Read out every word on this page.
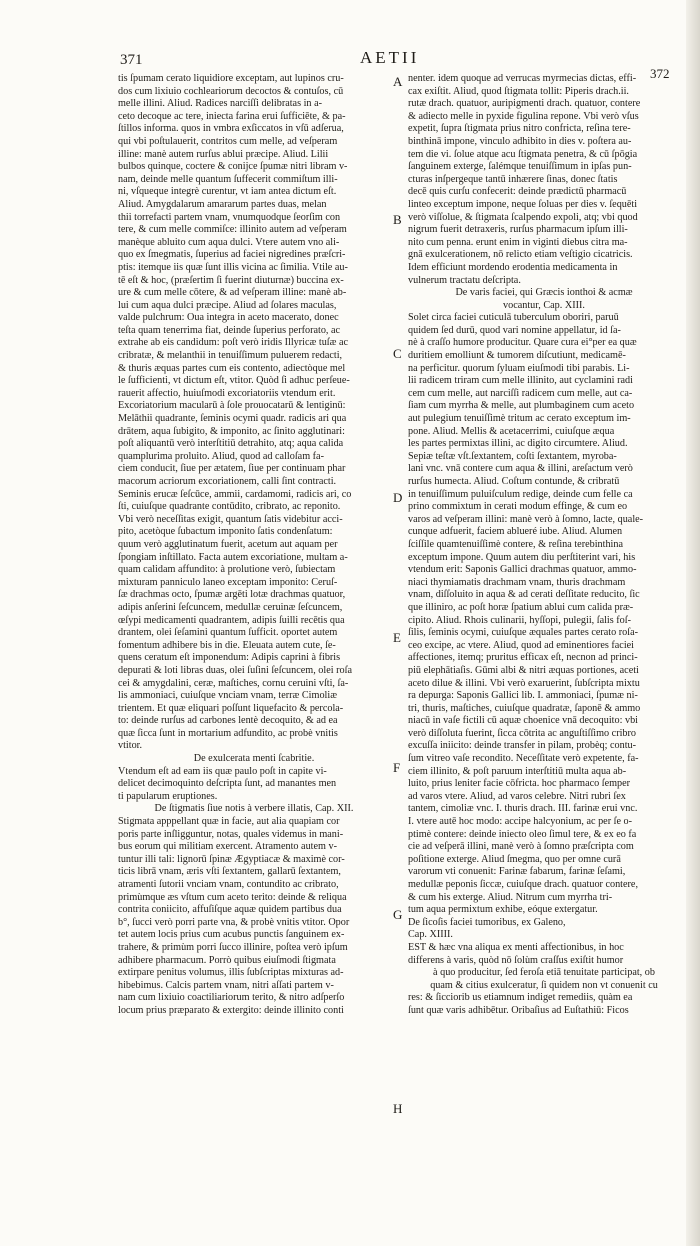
371	AETII
372
A
B
C
D
E
F
G
H
tis ſpumam cerato liquidiore exceptam, aut lupinos cru-
dos cum lixiuio cochleariorum decoctos & contuſos, cū
melle illini. Aliud. Radices narciſſi delibratas in a-
ceto decoque ac tere, iniecta farina erui ſufficiēte, & pa-
ſtillos informa. quos in vmbra exſiccatos in vſū adſerua,
qui vbi poſtulauerit, contritos cum melle, ad veſperam
illine: manè autem rurſus ablui præcipe. Aliud. Lilii
bulbos quinque, coctere & conijce ſpumæ nitri libram v-
nam, deinde melle quantum ſuffecerit commiſtum illi-
ni, vſqueque integrè curentur, vt iam antea dictum eſt.
Aliud. Amygdalarum amararum partes duas, melan
thii torrefacti partem vnam, vnumquodque ſeorſim con
tere, & cum melle commiſce: illinito autem ad veſperam
manèque abluito cum aqua dulci. Vtere autem vno ali-
quo ex ſmegmatis, ſuperius ad faciei nigredines præſcri-
ptis: itemque iis quæ ſunt illis vicina ac ſimilia. Vtile au-
tē eſt & hoc, (præſertim ſi fuerint diuturnæ) buccina ex-
ure & cum melle cōtere, & ad veſperam illine: manè ab-
lui cum aqua dulci præcipe. Aliud ad ſolares maculas,
valde pulchrum: Oua integra in aceto macerato, donec
teſta quam tenerrima fiat, deinde ſuperius perforato, ac
extrahe ab eis candidum: poſt verò iridis Illyricæ tuſæ ac
cribratæ, & melanthii in tenuiſſimum puluerem redacti,
& thuris æquas partes cum eis contento, adiectòque mel
le ſufficienti, vt dictum eſt, vtitor. Quòd ſi adhuc perſeue-
rauerit affectio, huiuſmodi excoriatoriis vtendum erit.
Excoriatorium macularū à ſole prouocatarū & lentiginū:
Melāthii quadrante, ſeminis ocymi quadr. radicis ari qua
drātem, aqua ſubigito, & imponito, ac ſinito agglutinari:
poſt aliquantū verò interſtitiū detrahito, atq; aqua calida
quamplurima proluito. Aliud, quod ad calloſam fa-
ciem conducit, ſiue per ætatem, ſiue per continuam phar
macorum acriorum excoriationem, calli ſint contracti.
Seminis erucæ ſeſcūce, ammii, cardamomi, radicis ari, co
ſti, cuiuſque quadrante contūdito, cribrato, ac reponito.
Vbi verò neceſſitas exigit, quantum ſatis videbitur acci-
pito, acetòque ſubactum imponito ſatis condenſatum:
quum verò agglutinatum fuerit, acetum aut aquam per
ſpongiam inſtillato. Facta autem excoriatione, multam a-
quam calidam affundito: à prolutione verò, ſubiectam
mixturam panniculo laneo exceptam imponito: Ceruſ-
ſæ drachmas octo, ſpumæ argēti lotæ drachmas quatuor,
adipis anſerini ſeſcuncem, medullæ ceruinæ ſeſcuncem,
œſypi medicamenti quadrantem, adipis ſuilli recētis qua
drantem, olei ſeſamini quantum ſufficit. oportet autem
fomentum adhibere bis in die. Eleuata autem cute, ſe-
quens ceratum eſt imponendum: Adipis caprini à fibris
depurati & loti libras duas, olei ſuſini ſeſcuncem, olei roſa
cei & amygdalini, ceræ, maſtiches, cornu ceruini vſti, ſa-
lis ammoniaci, cuiuſque vnciam vnam, terræ Cimoliæ
trientem. Et quæ eliquari poſſunt liquefacito & percola-
to: deinde rurſus ad carbones lentè decoquito, & ad ea
quæ ſicca ſunt in mortarium adfundito, ac probè vnitis
vtitor.
De exulcerata menti ſcabritie.
Vtendum eſt ad eam iis quæ paulo poſt in capite vi-
delicet decimoquinto deſcripta ſunt, ad manantes men
ti papularum eruptiones.
De ſtigmatis ſiue notis à verbere illatis, Cap. XII.
Stigmata apppellant quæ in facie, aut alia quapiam cor
poris parte inſligguntur, notas, quales videmus in mani-
bus eorum qui militiam exercent. Atramento autem v-
tuntur illi tali: lignorū ſpinæ Ægyptiacæ & maximè cor-
ticis librā vnam, æris vſti ſextantem, gallarū ſextantem,
atramenti ſutorii vnciam vnam, contundito ac cribrato,
primùmque æs vſtum cum aceto terito: deinde & reliqua
contrita coniicito, affuſiſque aquæ quidem partibus dua
b°, ſucci verò porri parte vna, & probè vnitis vtitor. Opor
tet autem locis prius cum acubus punctis ſanguinem ex-
trahere, & primùm porri ſucco illinire, poſtea verò ipſum
adhibere pharmacum. Porrò quibus eiuſmodi ſtigmata
extirpare penitus volumus, illis ſubſcriptas mixturas ad-
hibebimus. Calcis partem vnam, nitri aſſati partem v-
nam cum lixiuio coactiliariorum terito, & nitro adſperſo
locum prius præparato & extergito: deinde illinito conti
nenter. idem quoque ad verrucas myrmecias dictas, effi-
cax exiſtit. Aliud, quod ſtigmata tollit: Piperis drach.ii.
rutæ drach. quatuor, auripigmenti drach. quatuor, contere
& adiecto melle in pyxide figulina repone. Vbi verò vſus
expetit, ſupra ſtigmata prius nitro confricta, reſina tere-
binthinā impone, vinculo adhibito in dies v. poſtera au-
tem die vi. ſolue atque acu ſtigmata penetra, & cū ſpōgia
ſanguinem exterge, ſalémque tenuiſſimum in ipſas pun-
cturas inſpergeque tantū inhærere ſinas, donec ſtatis
decē quis curſu confecerit: deinde prædictū pharmacū
linteo exceptum impone, neque ſoluas per dies v. ſequēti
verò viſſolue, & ſtigmata ſcalpendo expoli, atq; vbi quod
nigrum fuerit detraxeris, rurſus pharmacum ipſum illi-
nito cum penna. erunt enim in viginti diebus citra ma-
gnā exulcerationem, nō relicto etiam veſtigio cicatricis.
Idem efficiunt mordendo erodentia medicamenta in
vulnerum tractatu deſcripta.
De varis faciei, qui Græcis ionthoi & acmæ
vocantur, Cap. XIII.
Solet circa faciei cuticulā tuberculum oboriri, paruū
quidem ſed durū, quod vari nomine appellatur, id ſa-
nè à craſſo humore producitur. Quare cura ei°per ea quæ
duritiem emolliunt & tumorem diſcutiunt, medicamē-
na perficitur. quorum ſyluam eiuſmodi tibi parabis. Li-
lii radicem triram cum melle illinito, aut cyclamini radi
cem cum melle, aut narciſſi radicem cum melle, aut ca-
ſiam cum myrrha & melle, aut plumbaginem cum aceto
aut pulegium tenuiſſimè tritum ac cerato exceptum im-
pone. Aliud. Mellis & acetacerrimi, cuiuſque æqua
les partes permixtas illini, ac digito circumtere. Aliud.
Sepiæ teſtæ vſt.ſextantem, coſti ſextantem, myroba-
lani vnc. vnā contere cum aqua & illini, areſactum verò
rurſus humecta. Aliud. Coſtum contunde, & cribratū
in tenuiſſimum puluiſculum redige, deinde cum felle ca
prino commixtum in cerati modum effinge, & cum eo
varos ad veſperam illini: manè verò à ſomno, lacte, quale-
cunque adfuerit, faciem ablueré iube. Aliud. Alumen
ſciſſile quamtenuiſſimè contere, & reſina terebinthina
exceptum impone. Quum autem diu perſtiterint vari, his
vtendum erit: Saponis Gallici drachmas quatuor, ammo-
niaci thymiamatis drachmam vnam, thuris drachmam
vnam, diſſoluito in aqua & ad cerati deſſitate reducito, ſic
que illiniro, ac poſt horæ ſpatium ablui cum calida præ-
cipito. Aliud. Rhois culinarii, hyſſopi, pulegii, ſalis foſ-
ſilis, ſeminis ocymi, cuiuſque æquales partes cerato roſa-
ceo excipe, ac vtere. Aliud, quod ad eminentiores faciei
affectiones, itemq; pruritus efficax eſt, necnon ad princi-
piū elephātiaſis. Gūmi albi & nitri æquas portiones, aceti
aceto dilue & illini. Vbi verò exaruerint, ſubſcripta mixtu
ra depurga: Saponis Gallici lib. I. ammoniaci, ſpumæ ni-
tri, thuris, maſtiches, cuiuſque quadratæ, ſaponē & ammo
niacū in vaſe fictili cū aquæ choenice vnā decoquito: vbi
verò diſſoluta fuerint, ſicca cōtrita ac anguſtiſſimo cribro
excuſſa iniicito: deinde transfer in pilam, probèq; contu-
ſum vitreo vaſe recondito. Neceſſitate verò expetente, fa-
ciem illinito, & poſt paruum interſtitiū multa aqua ab-
luito, prius leniter facie cōfricta. hoc pharmaco ſemper
ad varos vtere. Aliud, ad varos celebre. Nitri rubri ſex
tantem, cimoliæ vnc. I. thuris drach. III. farinæ erui vnc.
I. vtere autē hoc modo: accipe halcyonium, ac per ſe o-
ptimè contere: deinde iniecto oleo ſimul tere, & ex eo fa
cie ad veſperā illini, manè verò à ſomno præſcripta com
poſitione exterge. Aliud ſmegma, quo per omne curā
varorum vti conuenit: Farinæ fabarum, farinæ ſeſami,
medullæ peponis ſiccæ, cuiuſque drach. quatuor contere,
& cum his exterge. Aliud. Nitrum cum myrrha tri-
tum aqua permixtum exhibe, eóque extergatur.
De ſicoſis faciei tumoribus, ex Galeno,
Cap. XIIII.
EST & hæc vna aliqua ex menti affectionibus, in hoc
differens à varis, quòd nō ſolùm craſſus exiſtit humor
à quo producitur, ſed feroſa etiā tenuitate participat, ob
quam & citius exulceratur, ſi quidem non vt conuenit cu
res: & ſicciorib us etiamnum indiget remediis, quàm ea
ſunt quæ varis adhibētur. Oribaſius ad Euſtathiū: Ficos
